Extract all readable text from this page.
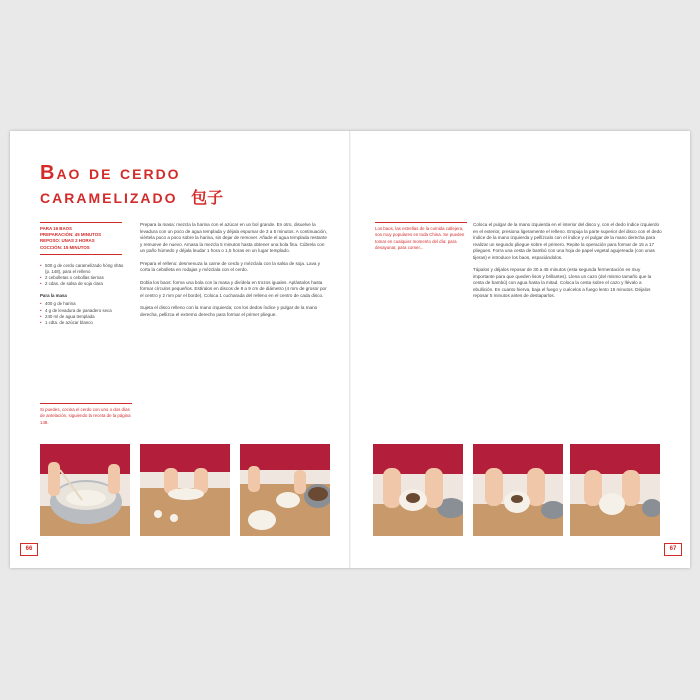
Bao de cerdo
caramelizado 包子
PARA 16 BAOS
PREPARACIÓN: 45 MINUTOS
REPOSO: UNAS 2 HORAS
COCCIÓN: 15 MINUTOS
• 500 g de cerdo caramelizado hóng shāo (p. 148), para el relleno
• 2 cebolletas o cebollas tiernas
• 2 cdas. de salsa de soja clara
Para la masa
• 400 g de harina
• 4 g de levadura de panadero seca
• 240 ml de agua templada
• 1 cdta. de azúcar blanco

Prepara la masa: mezcla la harina con el azúcar en un bol grande. En otro, disuelve la levadura con un poco de agua templada y déjala espumar de 3 a 5 minutos. A continuación, viértela poco a poco sobre la harina, sin dejar de remover. Añade el agua templada restante y remueve de nuevo. Amasa la mezcla 5 minutos hasta obtener una bola fina. Cúbrela con un paño húmedo y déjala leudar 1 hora o 1,5 horas en un lugar templado.

Prepara el relleno: desmenuza la carne de cerdo y mézclala con la salsa de soja. Lava y corta la cebolleta en rodajas y mézclala con el cerdo.

Dobla los baos: forma una bola con la masa y divídela en trozos iguales. Aplástalos hasta formar círculos pequeños. Estíralos en discos de 8 a 9 cm de diámetro (4 mm de grosor por el centro y 2 mm por el borde). Coloca 1 cucharada del relleno en el centro de cada disco.

Sujeta el disco relleno con la mano izquierda; con los dedos índice y pulgar de la mano derecha, pellizca el extremo derecho para formar el primer pliegue.

Si puedes, cocina el cerdo con uno o dos días de antelación, siguiendo la receta de la página 148.
Los baos, las estrellas de la comida callejera, son muy populares en toda China. Se pueden tomar en cualquier momento del día: para desayunar, para comer...

Coloca el pulgar de la mano izquierda en el interior del disco y, con el dedo índice izquierdo en el exterior, presiona ligeramente el relleno. Empuja la parte superior del disco con el dedo índice de la mano izquierda y pellízcalo con el índice y el pulgar de la mano derecha para realizar un segundo pliegue sobre el primero. Repite la operación para formar de 15 a 17 pliegues. Forra una cesta de bambú con una hoja de papel vegetal agujereada (con unas tijeras) e introduce los baos, espaciándolos.

Tápalos y déjalos reposar de 30 a 45 minutos (esta segunda fermentación es muy importante para que queden lisos y brillantes). Llena un cazo (del mismo tamaño que la cesta de bambú) con agua hasta la mitad. Coloca la cesta sobre el cazo y llévalo a ebullición. En cuanto hierva, baja el fuego y cuécelos a fuego lento 15 minutos. Déjalos reposar 5 minutos antes de destaparlos.

66	67
